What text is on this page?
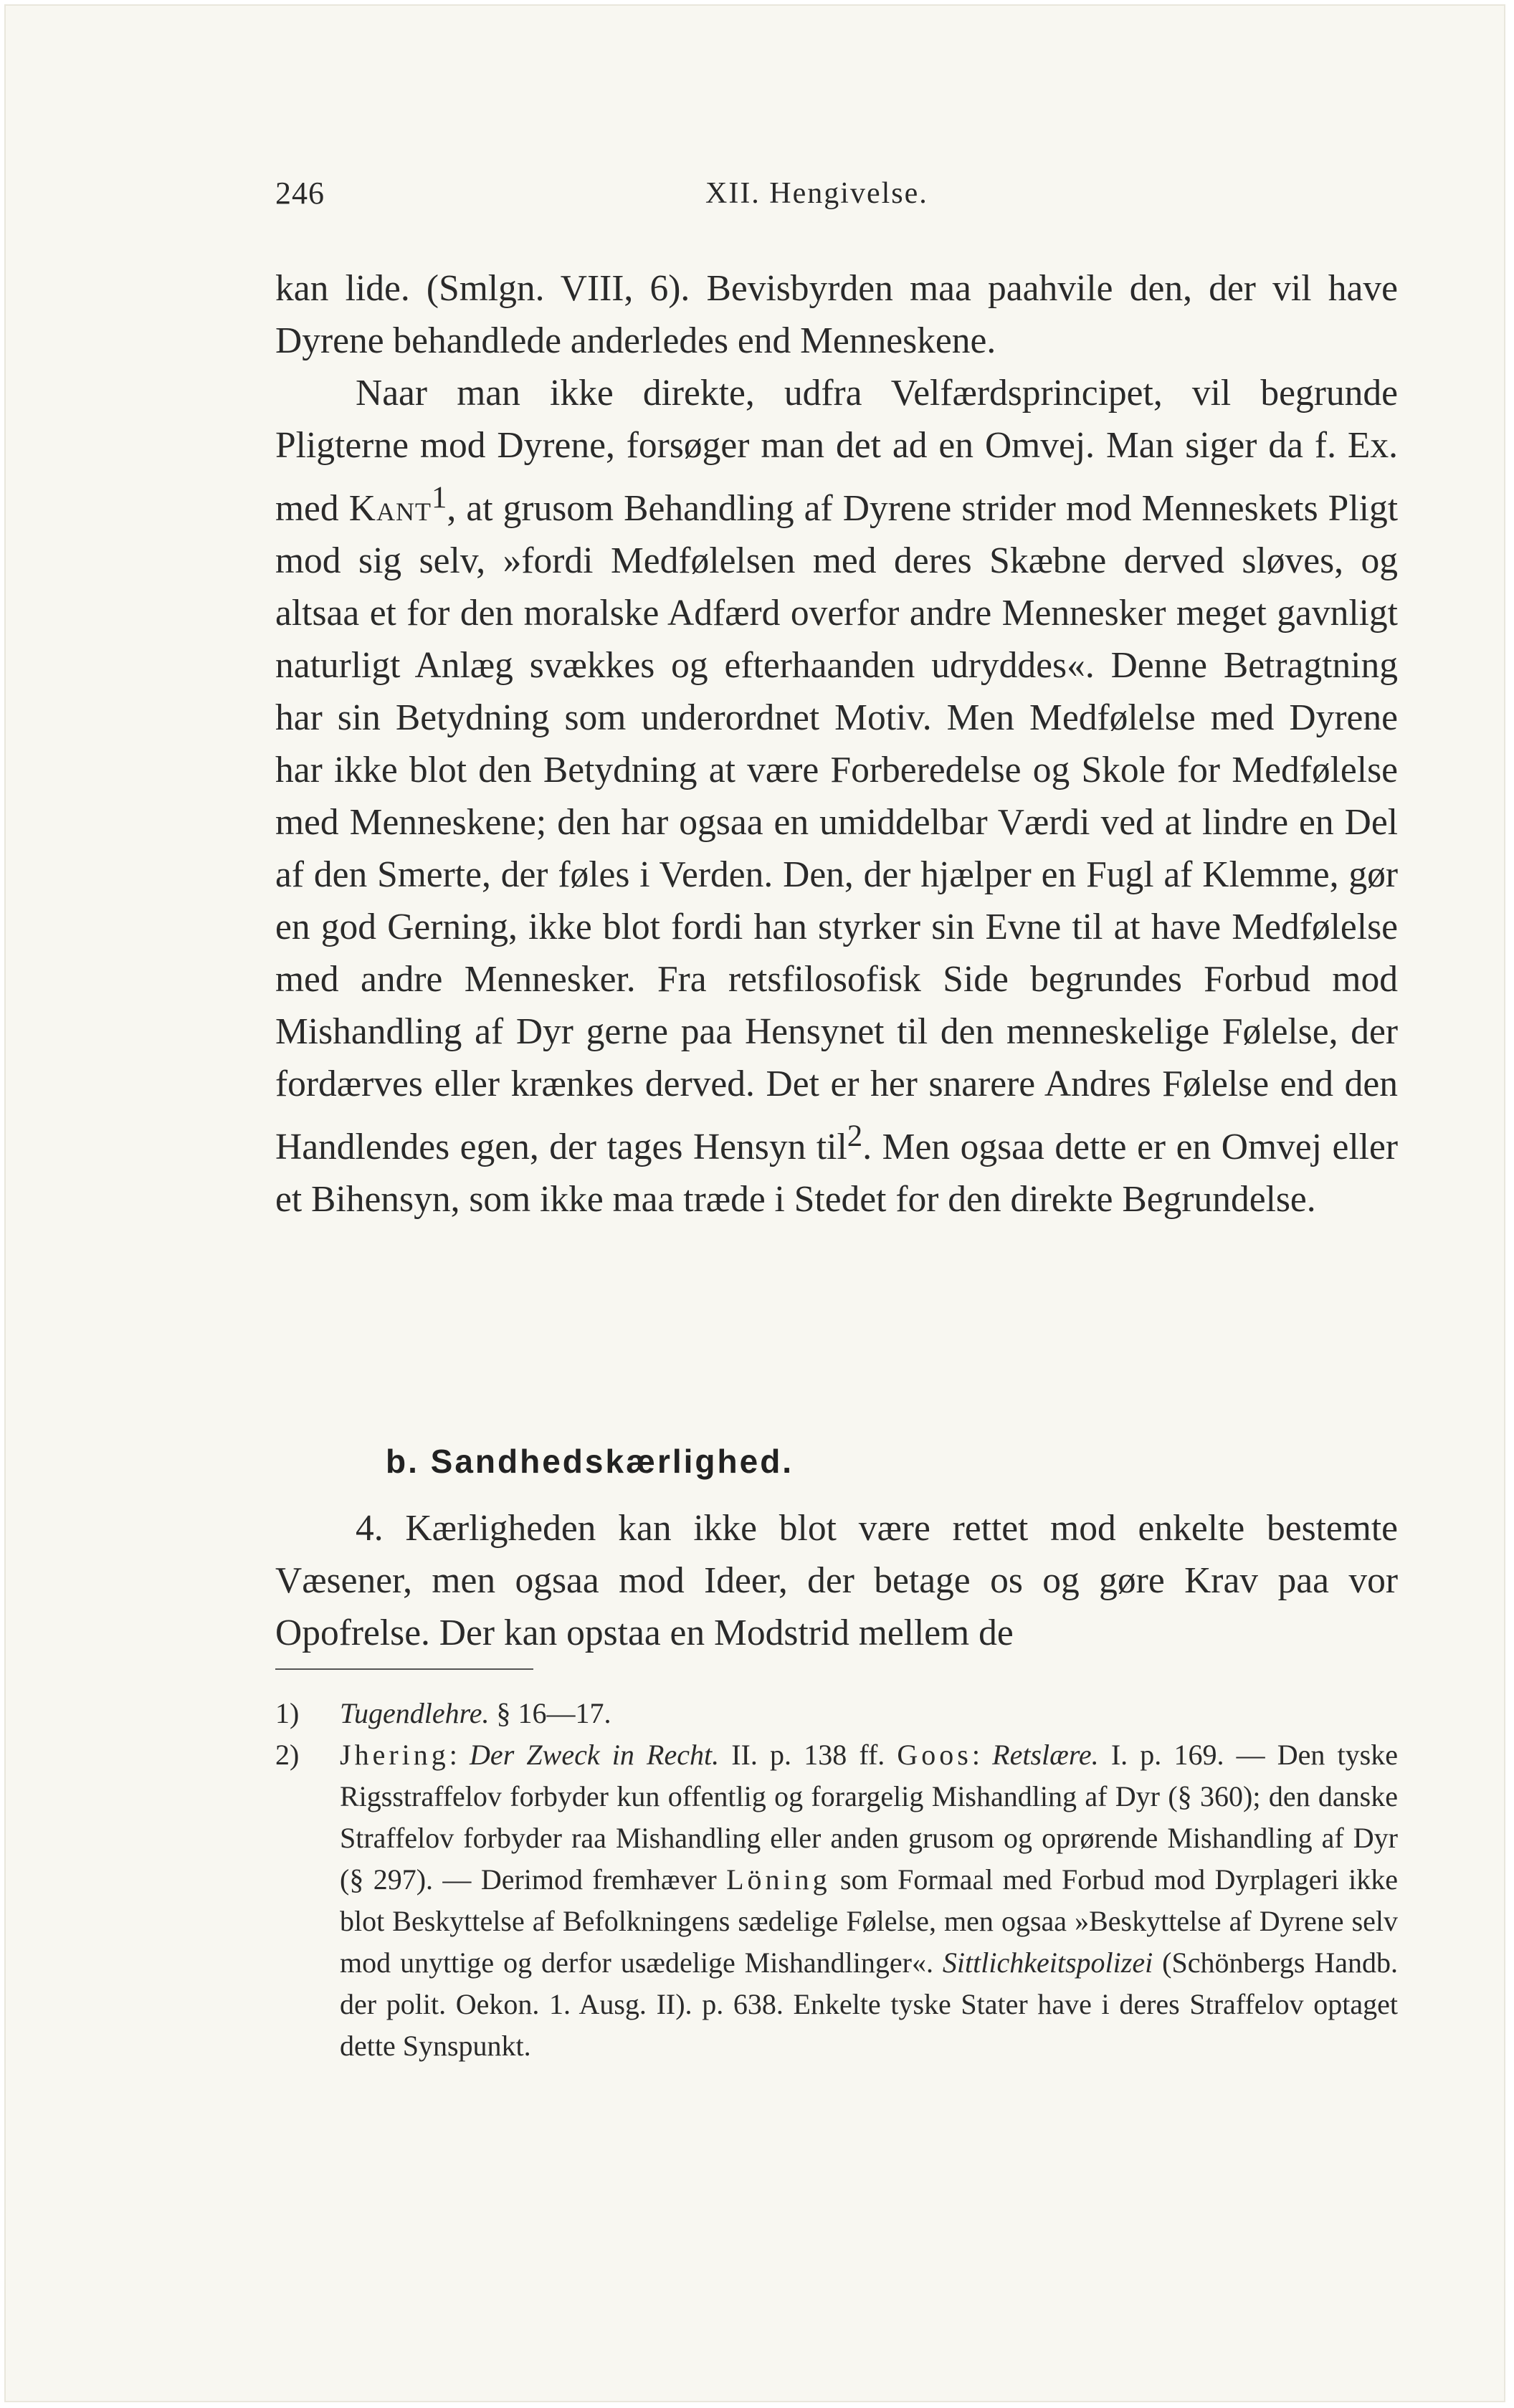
246	XII. Hengivelse.

kan lide. (Smlgn. VIII, 6). Bevisbyrden maa paahvile den, der vil have Dyrene behandlede anderledes end Menneskene.

Naar man ikke direkte, udfra Velfærdsprincipet, vil begrunde Pligterne mod Dyrene, forsøger man det ad en Omvej. Man siger da f. Ex. med Kant$^1$, at grusom Behandling af Dyrene strider mod Menneskets Pligt mod sig selv, »fordi Medfølelsen med deres Skæbne derved sløves, og altsaa et for den moralske Adfærd overfor andre Mennesker meget gavnligt naturligt Anlæg svækkes og efterhaanden udryddes«. Denne Betragtning har sin Betydning som underordnet Motiv. Men Medfølelse med Dyrene har ikke blot den Betydning at være Forberedelse og Skole for Medfølelse med Menneskene; den har ogsaa en umiddelbar Værdi ved at lindre en Del af den Smerte, der føles i Verden. Den, der hjælper en Fugl af Klemme, gør en god Gerning, ikke blot fordi han styrker sin Evne til at have Medfølelse med andre Mennesker. Fra retsfilosofisk Side begrundes Forbud mod Mishandling af Dyr gerne paa Hensynet til den menneskelige Følelse, der fordærves eller krænkes derved. Det er her snarere Andres Følelse end den Handlendes egen, der tages Hensyn til$^2$. Men ogsaa dette er en Omvej eller et Bihensyn, som ikke maa træde i Stedet for den direkte Begrundelse.

b. Sandhedskærlighed.

4. Kærligheden kan ikke blot være rettet mod enkelte bestemte Væsener, men ogsaa mod Ideer, der betage os og gøre Krav paa vor Opofrelse. Der kan opstaa en Modstrid mellem de

1) Tugendlehre. § 16—17.
2) Jhering: Der Zweck in Recht. II. p. 138 ff. Goos: Retslære. I. p. 169. — Den tyske Rigsstraffelov forbyder kun offentlig og forargelig Mishandling af Dyr (§ 360); den danske Straffelov forbyder raa Mishandling eller anden grusom og oprørende Mishandling af Dyr (§ 297). — Derimod fremhæver Löning som Formaal med Forbud mod Dyrplageri ikke blot Beskyttelse af Befolkningens sædelige Følelse, men ogsaa »Beskyttelse af Dyrene selv mod unyttige og derfor usædelige Mishandlinger«. Sittlichkeitspolizei (Schönbergs Handb. der polit. Oekon. 1. Ausg. II). p. 638. Enkelte tyske Stater have i deres Straffelov optaget dette Synspunkt.
